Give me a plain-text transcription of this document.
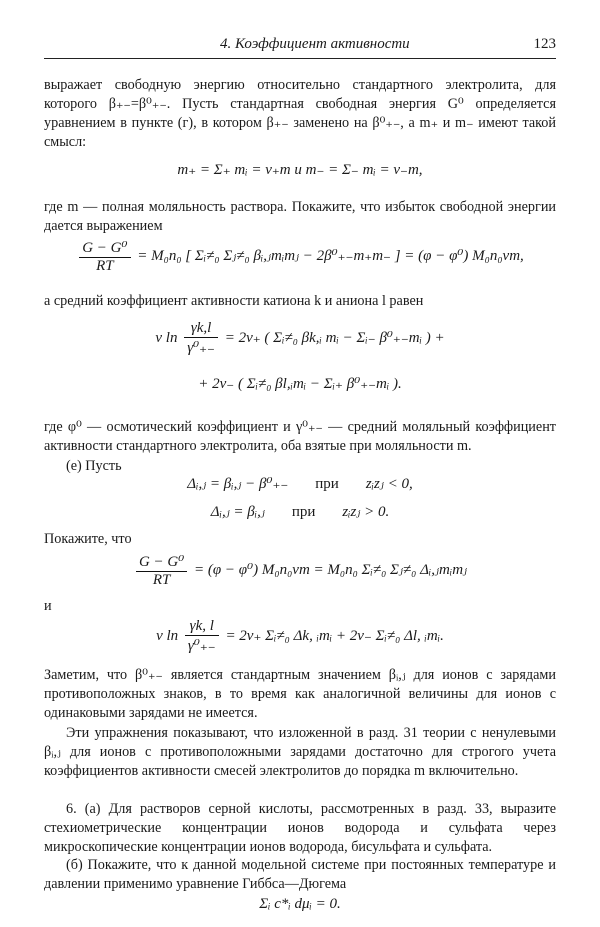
4. Коэффициент активности	123
выражает свободную энергию относительно стандартного электролита, для которого β₊₋=β⁰₊₋. Пусть стандартная свободная энергия G⁰ определяется уравнением в пункте (г), в котором β₊₋ заменено на β⁰₊₋, а m₊ и m₋ имеют такой смысл:
m₊ = Σ₊ mᵢ = ν₊m и m₋ = Σ₋ mᵢ = ν₋m,
где m — полная моляльность раствора. Покажите, что избыток свободной энергии дается выражением
$\frac{\text{G − G⁰}}{RT} = M_0n_0$ [ Σᵢ≠₀ Σⱼ≠₀ βᵢ,ⱼmᵢmⱼ − 2β⁰₊₋m₊m₋ ] = (φ − φ⁰) M₀n₀νm,
а средний коэффициент активности катиона k и аниона l равен
ν $\ln \frac{\gamma k,l}{\text{γ⁰₊₋}} = 2\nu_+$ ( Σᵢ≠₀ βk,ᵢ mᵢ − Σᵢ₋ β⁰₊₋mᵢ ) +
+ 2ν₋ ( Σᵢ≠₀ βl,ᵢmᵢ − Σᵢ₊ β⁰₊₋mᵢ ).
где φ⁰ — осмотический коэффициент и γ⁰₊₋ — средний моляльный коэффициент активности стандартного электролита, оба взятые при моляльности m.
(е) Пусть
Δᵢ,ⱼ = βᵢ,ⱼ − β⁰₊₋ при zᵢzⱼ < 0,
Δᵢ,ⱼ = βᵢ,ⱼ при zᵢzⱼ > 0.
Покажите, что
$\frac{\text{G − G⁰}}{RT} = (\varphi - \varphi^0) M_0n_0\nu m = M_0n_0$ Σᵢ≠₀ Σⱼ≠₀ Δᵢ,ⱼmᵢmⱼ
и
ν $\ln \frac{\gamma k, l}{\text{γ⁰₊₋}} = 2\nu_+$ Σᵢ≠₀ Δk, ᵢmᵢ + 2ν₋ Σᵢ≠₀ Δl, ᵢmᵢ.
Заметим, что β⁰₊₋ является стандартным значением βᵢ,ⱼ для ионов с зарядами противоположных знаков, в то время как аналогичной величины для ионов с одинаковыми зарядами не имеется.
Эти упражнения показывают, что изложенной в разд. 31 теории с ненулевыми βᵢ,ⱼ для ионов с противоположными зарядами достаточно для строгого учета коэффициентов активности смесей электролитов до порядка m включительно.
6. (а) Для растворов серной кислоты, рассмотренных в разд. 33, выразите стехиометрические концентрации ионов водорода и сульфата через микроскопические концентрации ионов водорода, бисульфата и сульфата.
(б) Покажите, что к данной модельной системе при постоянных температуре и давлении применимо уравнение Гиббса—Дюгема
Σᵢ c*ᵢ dμᵢ = 0.
